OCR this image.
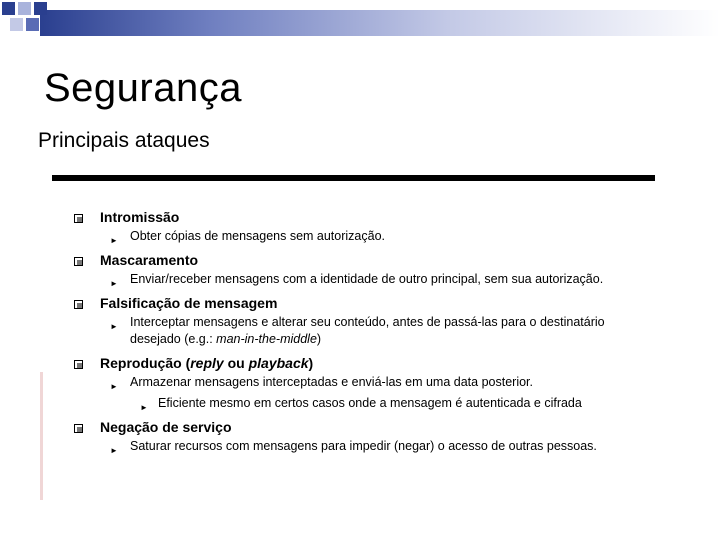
Segurança
Principais ataques
Intromissão
► Obter cópias de mensagens sem autorização.
Mascaramento
► Enviar/receber mensagens com a identidade de outro principal, sem sua autorização.
Falsificação de mensagem
► Interceptar mensagens e alterar seu conteúdo, antes de passá-las para o destinatário
desejado (e.g.: man-in-the-middle)
Reprodução (reply ou playback)
► Armazenar mensagens interceptadas e enviá-las em uma data posterior.
► Eficiente mesmo em certos casos onde a mensagem é autenticada e cifrada
Negação de serviço
► Saturar recursos com mensagens para impedir (negar) o acesso de outras pessoas.
